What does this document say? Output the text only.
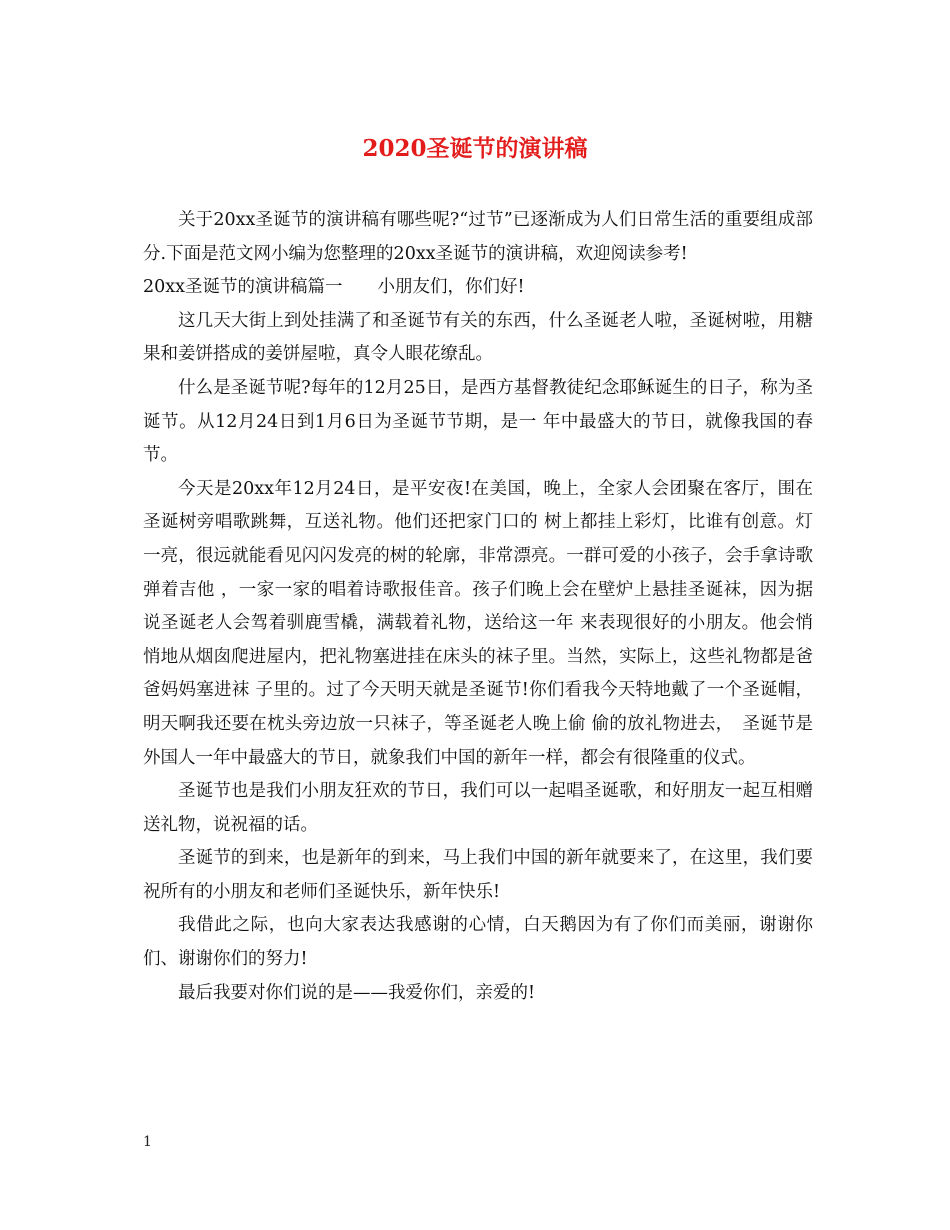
2020圣诞节的演讲稿

关于20xx圣诞节的演讲稿有哪些呢?“过节”已逐渐成为人们日常生活的重要组成部分.下面是范文网小编为您整理的20xx圣诞节的演讲稿，欢迎阅读参考!

20xx圣诞节的演讲稿篇一　　小朋友们，你们好!

这几天大街上到处挂满了和圣诞节有关的东西，什么圣诞老人啦，圣诞树啦，用糖果和姜饼搭成的姜饼屋啦，真令人眼花缭乱。

什么是圣诞节呢?每年的12月25日，是西方基督教徒纪念耶稣诞生的日子，称为圣诞节。从12月24日到1月6日为圣诞节节期，是一 年中最盛大的节日，就像我国的春节。

今天是20xx年12月24日，是平安夜!在美国，晚上，全家人会团聚在客厅，围在圣诞树旁唱歌跳舞，互送礼物。他们还把家门口的 树上都挂上彩灯，比谁有创意。灯一亮，很远就能看见闪闪发亮的树的轮廓，非常漂亮。一群可爱的小孩子，会手拿诗歌弹着吉他 ，一家一家的唱着诗歌报佳音。孩子们晚上会在壁炉上悬挂圣诞袜，因为据说圣诞老人会驾着驯鹿雪橇，满载着礼物，送给这一年 来表现很好的小朋友。他会悄悄地从烟囱爬进屋内，把礼物塞进挂在床头的袜子里。当然，实际上，这些礼物都是爸爸妈妈塞进袜 子里的。过了今天明天就是圣诞节!你们看我今天特地戴了一个圣诞帽，明天啊我还要在枕头旁边放一只袜子，等圣诞老人晚上偷 偷的放礼物进去，　圣诞节是外国人一年中最盛大的节日，就象我们中国的新年一样，都会有很隆重的仪式。

圣诞节也是我们小朋友狂欢的节日，我们可以一起唱圣诞歌，和好朋友一起互相赠送礼物，说祝福的话。

圣诞节的到来，也是新年的到来，马上我们中国的新年就要来了，在这里，我们要祝所有的小朋友和老师们圣诞快乐，新年快乐!

我借此之际，也向大家表达我感谢的心情，白天鹅因为有了你们而美丽，谢谢你们、谢谢你们的努力!

最后我要对你们说的是——我爱你们，亲爱的!

1
